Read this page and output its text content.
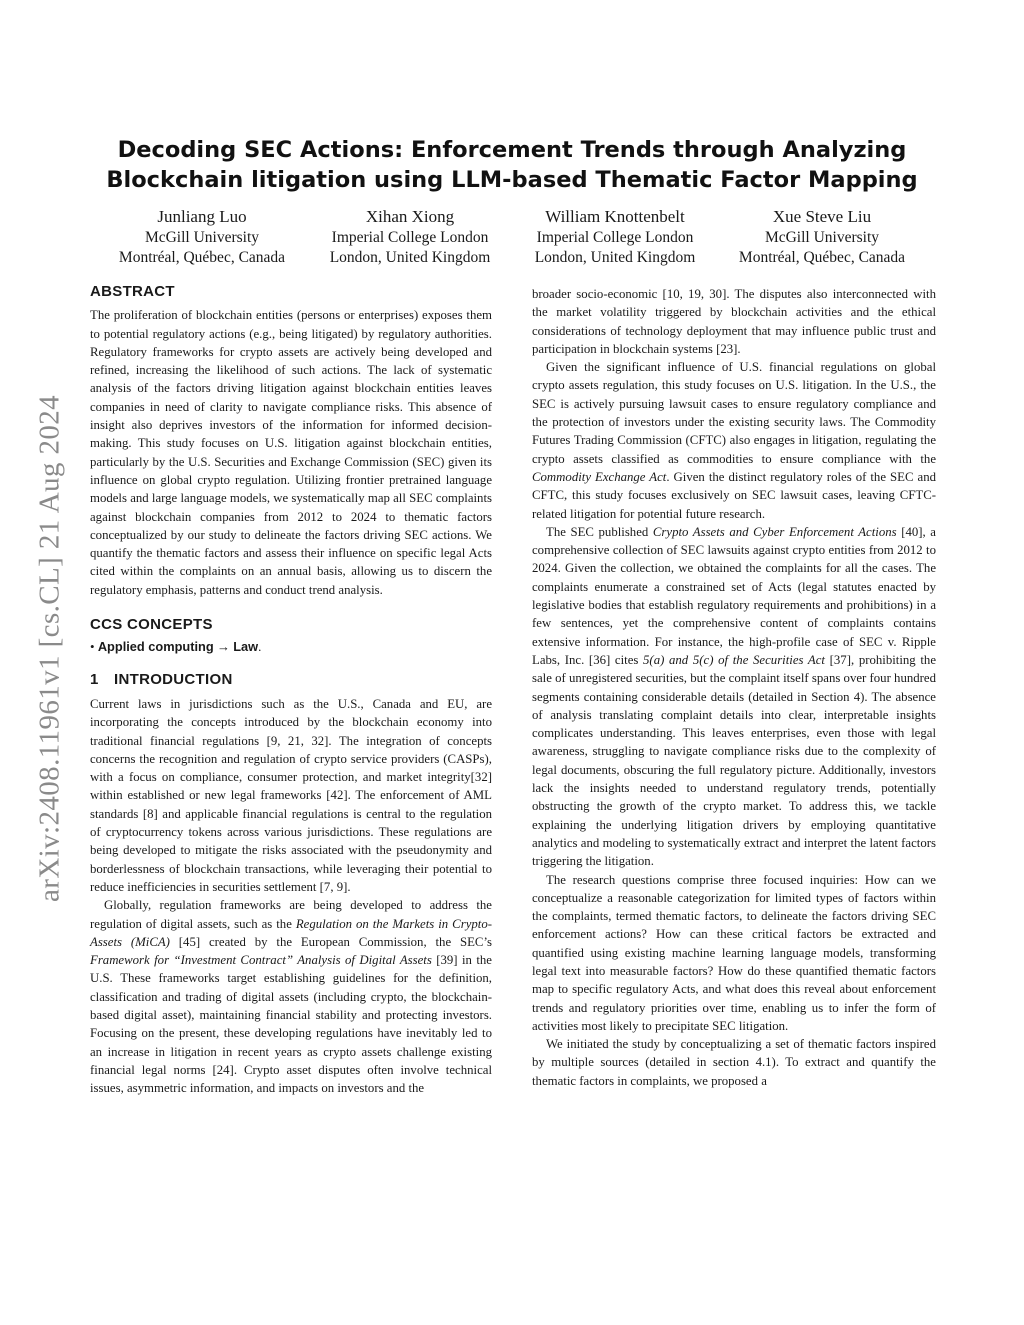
arXiv:2408.11961v1 [cs.CL] 21 Aug 2024
Decoding SEC Actions: Enforcement Trends through Analyzing Blockchain litigation using LLM-based Thematic Factor Mapping
Junliang Luo
McGill University
Montréal, Québec, Canada
Xihan Xiong
Imperial College London
London, United Kingdom
William Knottenbelt
Imperial College London
London, United Kingdom
Xue Steve Liu
McGill University
Montréal, Québec, Canada
ABSTRACT

The proliferation of blockchain entities (persons or enterprises) exposes them to potential regulatory actions (e.g., being litigated) by regulatory authorities. Regulatory frameworks for crypto assets are actively being developed and refined, increasing the likelihood of such actions. The lack of systematic analysis of the factors driving litigation against blockchain entities leaves companies in need of clarity to navigate compliance risks. This absence of insight also deprives investors of the information for informed decision-making. This study focuses on U.S. litigation against blockchain entities, particularly by the U.S. Securities and Exchange Commission (SEC) given its influence on global crypto regulation. Utilizing frontier pretrained language models and large language models, we systematically map all SEC complaints against blockchain companies from 2012 to 2024 to thematic factors conceptualized by our study to delineate the factors driving SEC actions. We quantify the thematic factors and assess their influence on specific legal Acts cited within the complaints on an annual basis, allowing us to discern the regulatory emphasis, patterns and conduct trend analysis.

CCS CONCEPTS

• Applied computing → Law.

1 INTRODUCTION

Current laws in jurisdictions such as the U.S., Canada and EU, are incorporating the concepts introduced by the blockchain economy into traditional financial regulations [9, 21, 32]. The integration of concepts concerns the recognition and regulation of crypto service providers (CASPs), with a focus on compliance, consumer protection, and market integrity[32] within established or new legal frameworks [42]. The enforcement of AML standards [8] and applicable financial regulations is central to the regulation of cryptocurrency tokens across various jurisdictions. These regulations are being developed to mitigate the risks associated with the pseudonymity and borderlessness of blockchain transactions, while leveraging their potential to reduce inefficiencies in securities settlement [7, 9].

Globally, regulation frameworks are being developed to address the regulation of digital assets, such as the Regulation on the Markets in Crypto-Assets (MiCA) [45] created by the European Commission, the SEC’s Framework for “Investment Contract” Analysis of Digital Assets [39] in the U.S. These frameworks target establishing guidelines for the definition, classification and trading of digital assets (including crypto, the blockchain-based digital asset), maintaining financial stability and protecting investors. Focusing on the present, these developing regulations have inevitably led to an increase in litigation in recent years as crypto assets challenge existing financial legal norms [24]. Crypto asset disputes often involve technical issues, asymmetric information, and impacts on investors and the

broader socio-economic [10, 19, 30]. The disputes also interconnected with the market volatility triggered by blockchain activities and the ethical considerations of technology deployment that may influence public trust and participation in blockchain systems [23].

Given the significant influence of U.S. financial regulations on global crypto assets regulation, this study focuses on U.S. litigation. In the U.S., the SEC is actively pursuing lawsuit cases to ensure regulatory compliance and the protection of investors under the existing security laws. The Commodity Futures Trading Commission (CFTC) also engages in litigation, regulating the crypto assets classified as commodities to ensure compliance with the Commodity Exchange Act. Given the distinct regulatory roles of the SEC and CFTC, this study focuses exclusively on SEC lawsuit cases, leaving CFTC-related litigation for potential future research.

The SEC published Crypto Assets and Cyber Enforcement Actions [40], a comprehensive collection of SEC lawsuits against crypto entities from 2012 to 2024. Given the collection, we obtained the complaints for all the cases. The complaints enumerate a constrained set of Acts (legal statutes enacted by legislative bodies that establish regulatory requirements and prohibitions) in a few sentences, yet the comprehensive content of complaints contains extensive information. For instance, the high-profile case of SEC v. Ripple Labs, Inc. [36] cites 5(a) and 5(c) of the Securities Act [37], prohibiting the sale of unregistered securities, but the complaint itself spans over four hundred segments containing considerable details (detailed in Section 4). The absence of analysis translating complaint details into clear, interpretable insights complicates understanding. This leaves enterprises, even those with legal awareness, struggling to navigate compliance risks due to the complexity of legal documents, obscuring the full regulatory picture. Additionally, investors lack the insights needed to understand regulatory trends, potentially obstructing the growth of the crypto market. To address this, we tackle explaining the underlying litigation drivers by employing quantitative analytics and modeling to systematically extract and interpret the latent factors triggering the litigation.

The research questions comprise three focused inquiries: How can we conceptualize a reasonable categorization for limited types of factors within the complaints, termed thematic factors, to delineate the factors driving SEC enforcement actions? How can these critical factors be extracted and quantified using existing machine learning language models, transforming legal text into measurable factors? How do these quantified thematic factors map to specific regulatory Acts, and what does this reveal about enforcement trends and regulatory priorities over time, enabling us to infer the form of activities most likely to precipitate SEC litigation.

We initiated the study by conceptualizing a set of thematic factors inspired by multiple sources (detailed in section 4.1). To extract and quantify the thematic factors in complaints, we proposed a
